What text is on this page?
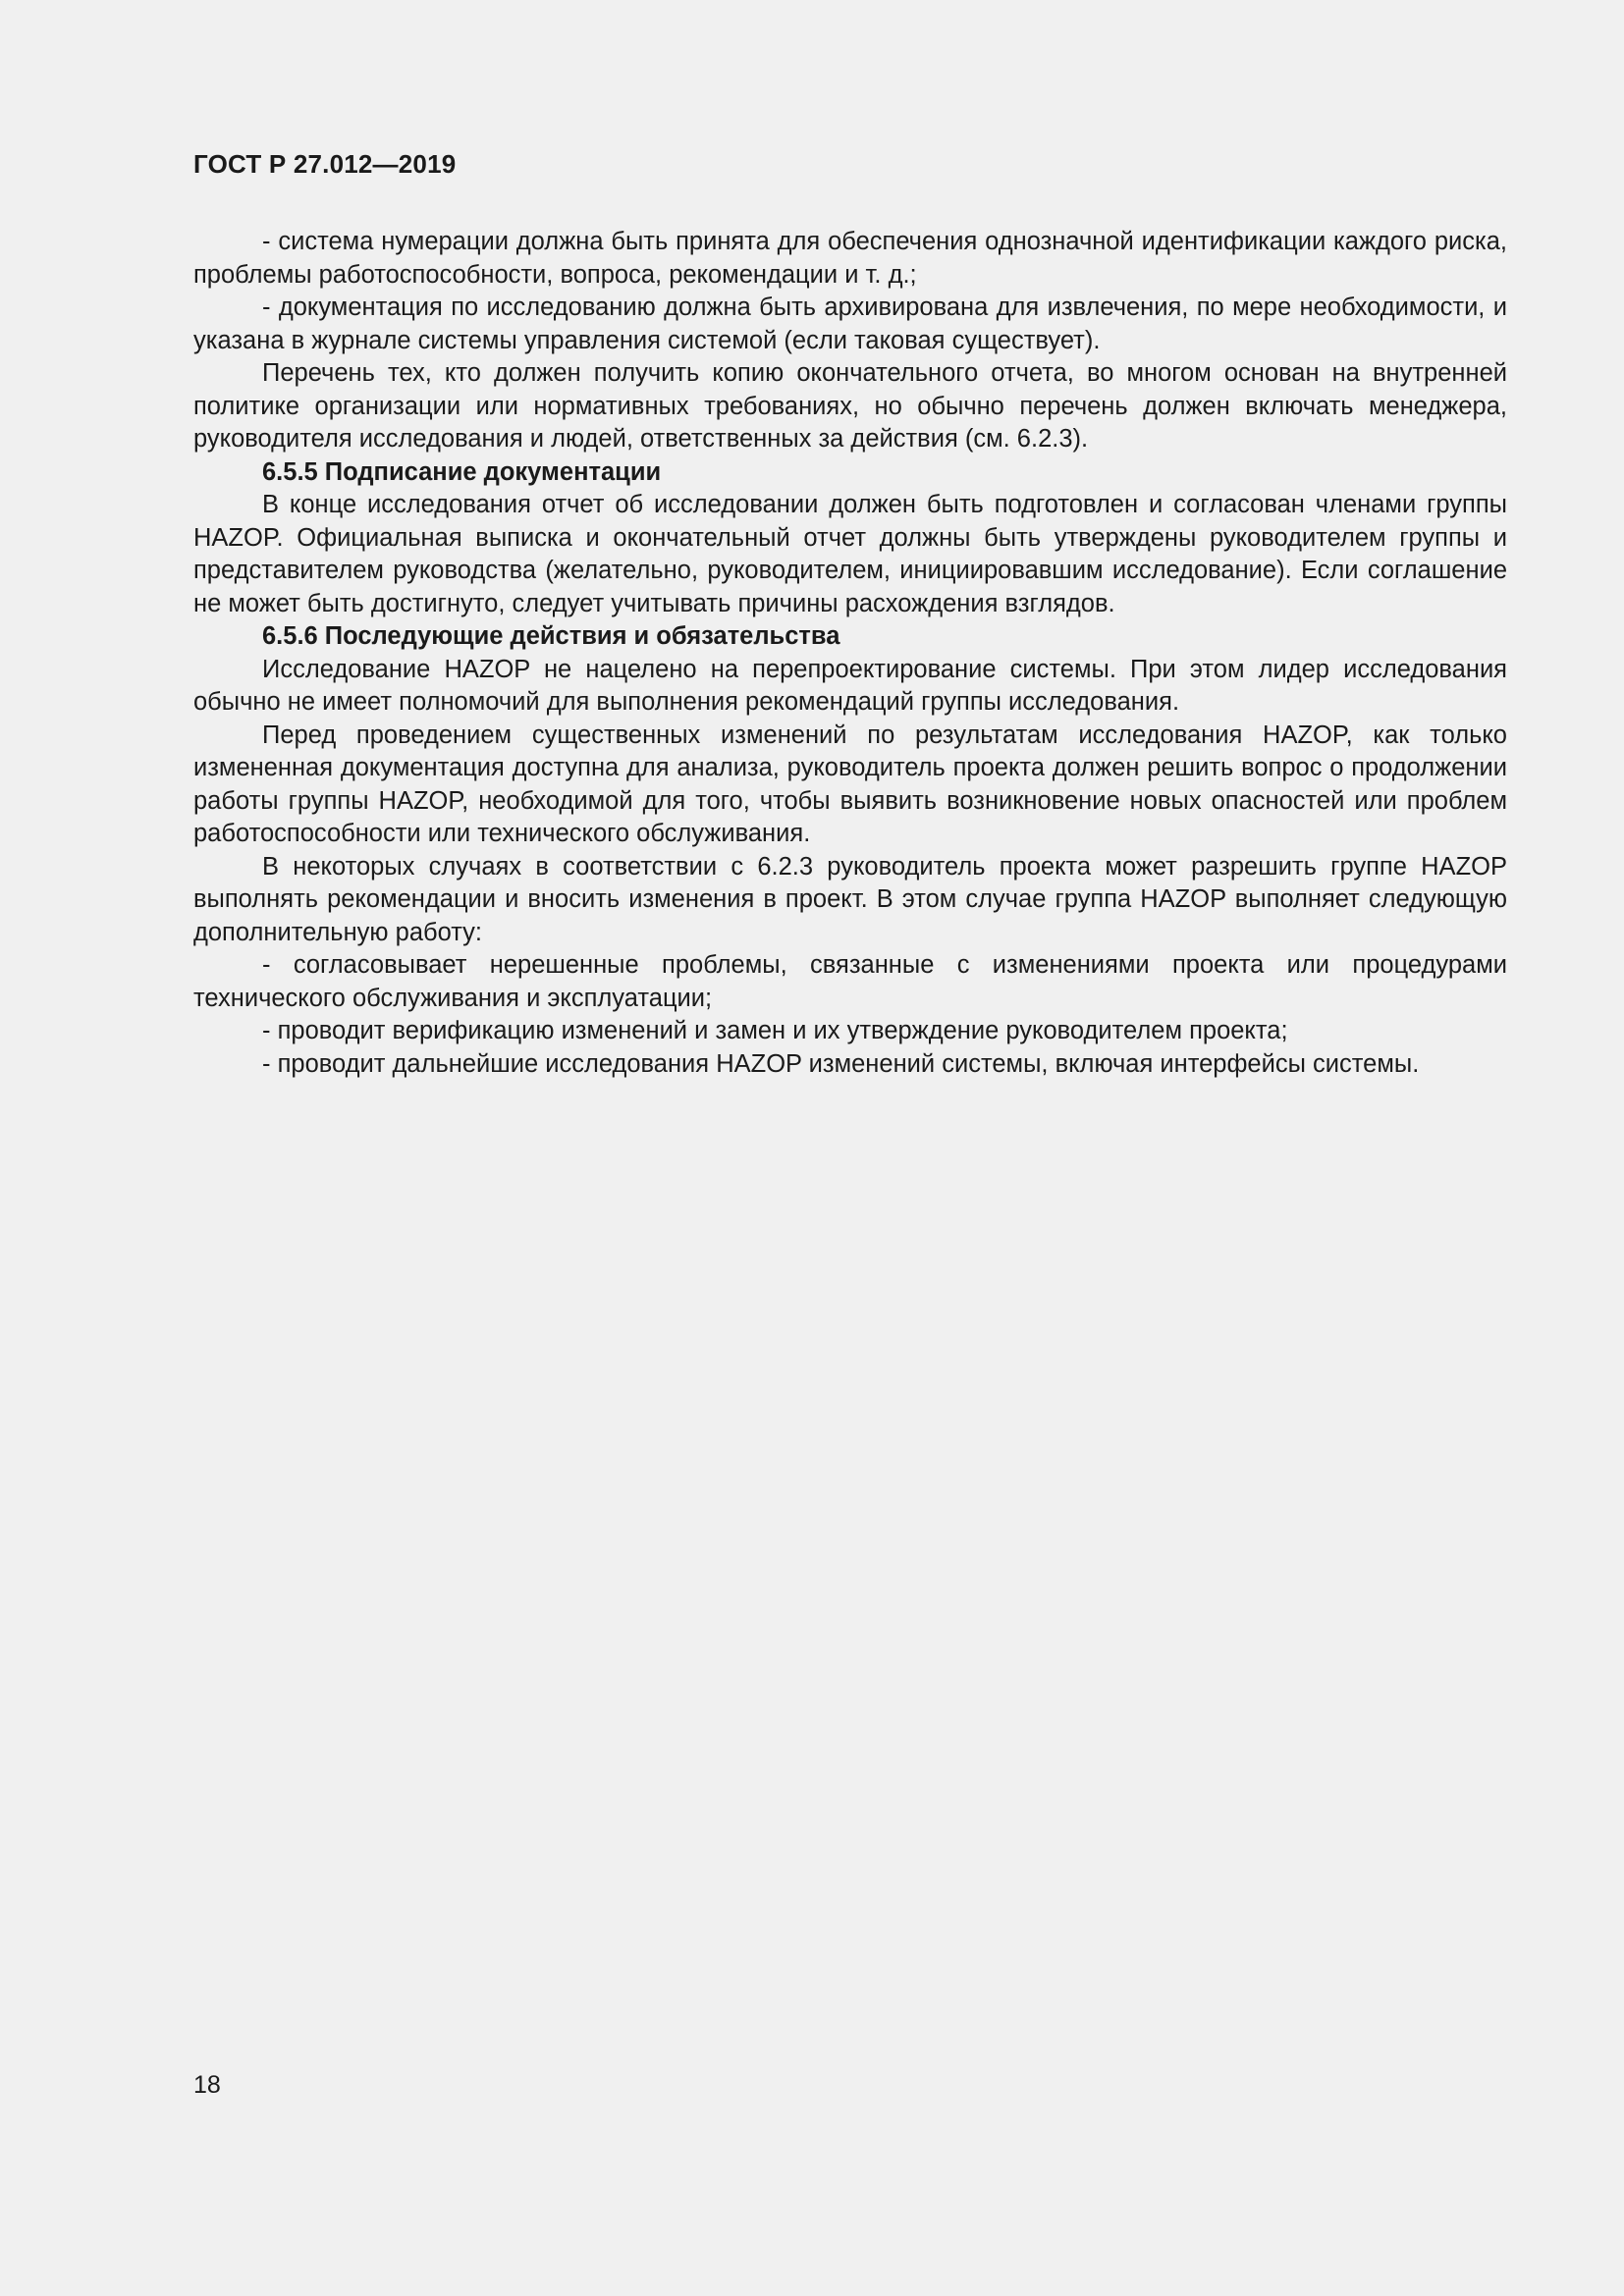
ГОСТ Р 27.012—2019

- система нумерации должна быть принята для обеспечения однозначной идентификации каждого риска, проблемы работоспособности, вопроса, рекомендации и т. д.;

- документация по исследованию должна быть архивирована для извлечения, по мере необходимости, и указана в журнале системы управления системой (если таковая существует).

Перечень тех, кто должен получить копию окончательного отчета, во многом основан на внутренней политике организации или нормативных требованиях, но обычно перечень должен включать менеджера, руководителя исследования и людей, ответственных за действия (см. 6.2.3).

6.5.5 Подписание документации

В конце исследования отчет об исследовании должен быть подготовлен и согласован членами группы HAZOP. Официальная выписка и окончательный отчет должны быть утверждены руководителем группы и представителем руководства (желательно, руководителем, инициировавшим исследование). Если соглашение не может быть достигнуто, следует учитывать причины расхождения взглядов.

6.5.6 Последующие действия и обязательства

Исследование HAZOP не нацелено на перепроектирование системы. При этом лидер исследования обычно не имеет полномочий для выполнения рекомендаций группы исследования.

Перед проведением существенных изменений по результатам исследования HAZOP, как только измененная документация доступна для анализа, руководитель проекта должен решить вопрос о продолжении работы группы HAZOP, необходимой для того, чтобы выявить возникновение новых опасностей или проблем работоспособности или технического обслуживания.

В некоторых случаях в соответствии с 6.2.3 руководитель проекта может разрешить группе HAZOP выполнять рекомендации и вносить изменения в проект. В этом случае группа HAZOP выполняет следующую дополнительную работу:

- согласовывает нерешенные проблемы, связанные с изменениями проекта или процедурами технического обслуживания и эксплуатации;

- проводит верификацию изменений и замен и их утверждение руководителем проекта;

- проводит дальнейшие исследования HAZOP изменений системы, включая интерфейсы системы.

18
